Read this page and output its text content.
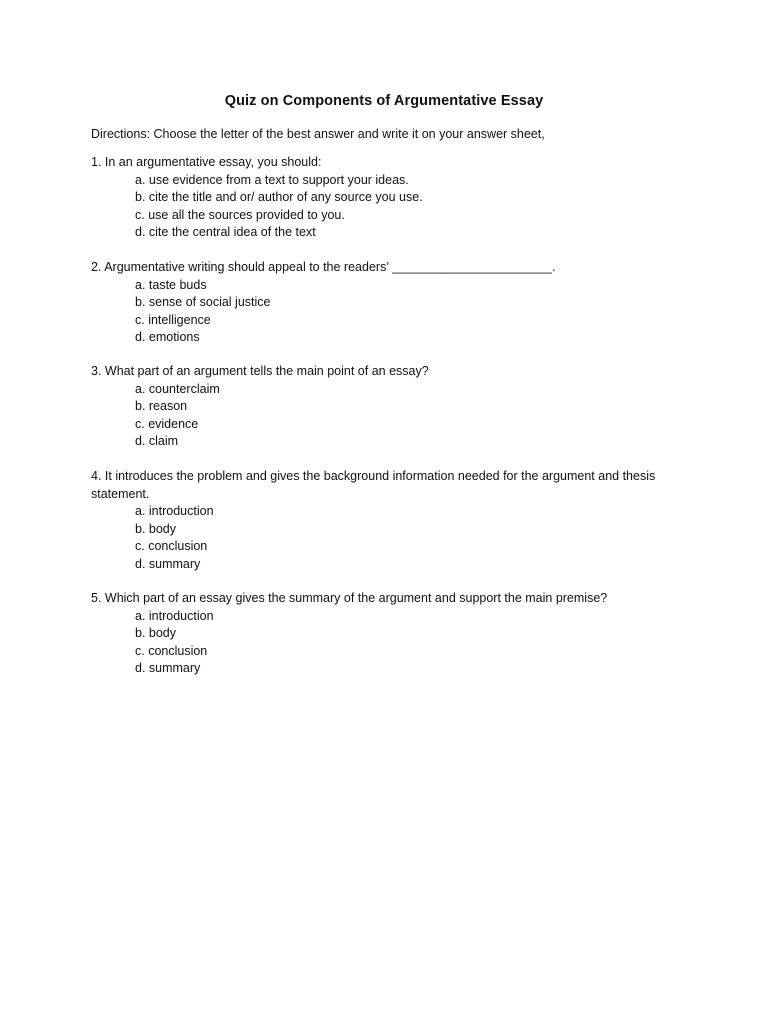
Quiz on Components of Argumentative Essay
Directions: Choose the letter of the best answer and write it on your answer sheet,
1. In an argumentative essay, you should:
a. use evidence from a text to support your ideas.
b. cite the title and or/ author of any source you use.
c. use all the sources provided to you.
d. cite the central idea of the text
2. Argumentative writing should appeal to the readers’ _______________________.
a. taste buds
b. sense of social justice
c. intelligence
d. emotions
3. What part of an argument tells the main point of an essay?
a. counterclaim
b. reason
c. evidence
d. claim
4. It introduces the problem and gives the background information needed for the argument and thesis statement.
a. introduction
b. body
c. conclusion
d. summary
5. Which part of an essay gives the summary of the argument and support the main premise?
a. introduction
b. body
c. conclusion
d. summary
